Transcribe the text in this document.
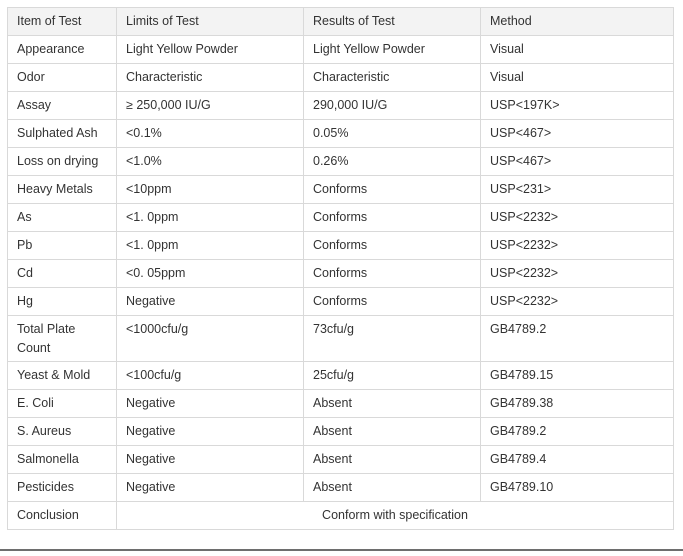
Item of Test	Limits of Test	Results of Test	Method
Appearance	Light Yellow Powder	Light Yellow Powder	Visual
Odor	Characteristic	Characteristic	Visual
Assay	≥ 250,000 IU/G	290,000 IU/G	USP<197K>
Sulphated Ash	<0.1%	0.05%	USP<467>
Loss on drying	<1.0%	0.26%	USP<467>
Heavy Metals	<10ppm	Conforms	USP<231>
As	<1. 0ppm	Conforms	USP<2232>
Pb	<1. 0ppm	Conforms	USP<2232>
Cd	<0. 05ppm	Conforms	USP<2232>
Hg	Negative	Conforms	USP<2232>
Total Plate Count	<1000cfu/g	73cfu/g	GB4789.2
Yeast & Mold	<100cfu/g	25cfu/g	GB4789.15
E. Coli	Negative	Absent	GB4789.38
S. Aureus	Negative	Absent	GB4789.2
Salmonella	Negative	Absent	GB4789.4
Pesticides	Negative	Absent	GB4789.10
Conclusion	Conform with specification		
